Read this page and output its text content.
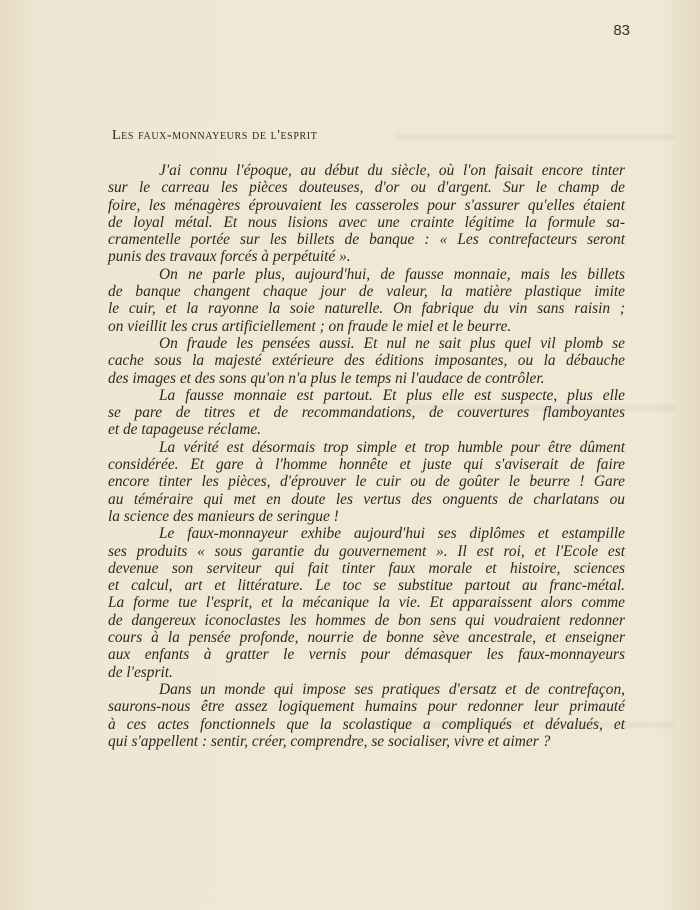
83
Les faux-monnayeurs de l'esprit
J'ai connu l'époque, au début du siècle, où l'on faisait encore tinter
sur le carreau les pièces douteuses, d'or ou d'argent. Sur le champ de
foire, les ménagères éprouvaient les casseroles pour s'assurer qu'elles étaient
de loyal métal. Et nous lisions avec une crainte légitime la formule sa-
cramentelle portée sur les billets de banque : « Les contrefacteurs seront
punis des travaux forcés à perpétuité ».
On ne parle plus, aujourd'hui, de fausse monnaie, mais les billets
de banque changent chaque jour de valeur, la matière plastique imite
le cuir, et la rayonne la soie naturelle. On fabrique du vin sans raisin ;
on vieillit les crus artificiellement ; on fraude le miel et le beurre.
On fraude les pensées aussi. Et nul ne sait plus quel vil plomb se
cache sous la majesté extérieure des éditions imposantes, ou la débauche
des images et des sons qu'on n'a plus le temps ni l'audace de contrôler.
La fausse monnaie est partout. Et plus elle est suspecte, plus elle
se pare de titres et de recommandations, de couvertures flamboyantes
et de tapageuse réclame.
La vérité est désormais trop simple et trop humble pour être dûment
considérée. Et gare à l'homme honnête et juste qui s'aviserait de faire
encore tinter les pièces, d'éprouver le cuir ou de goûter le beurre ! Gare
au téméraire qui met en doute les vertus des onguents de charlatans ou
la science des manieurs de seringue !
Le faux-monnayeur exhibe aujourd'hui ses diplômes et estampille
ses produits « sous garantie du gouvernement ». Il est roi, et l'Ecole est
devenue son serviteur qui fait tinter faux morale et histoire, sciences
et calcul, art et littérature. Le toc se substitue partout au franc-métal.
La forme tue l'esprit, et la mécanique la vie. Et apparaissent alors comme
de dangereux iconoclastes les hommes de bon sens qui voudraient redonner
cours à la pensée profonde, nourrie de bonne sève ancestrale, et enseigner
aux enfants à gratter le vernis pour démasquer les faux-monnayeurs
de l'esprit.
Dans un monde qui impose ses pratiques d'ersatz et de contrefaçon,
saurons-nous être assez logiquement humains pour redonner leur primauté
à ces actes fonctionnels que la scolastique a compliqués et dévalués, et
qui s'appellent : sentir, créer, comprendre, se socialiser, vivre et aimer ?
